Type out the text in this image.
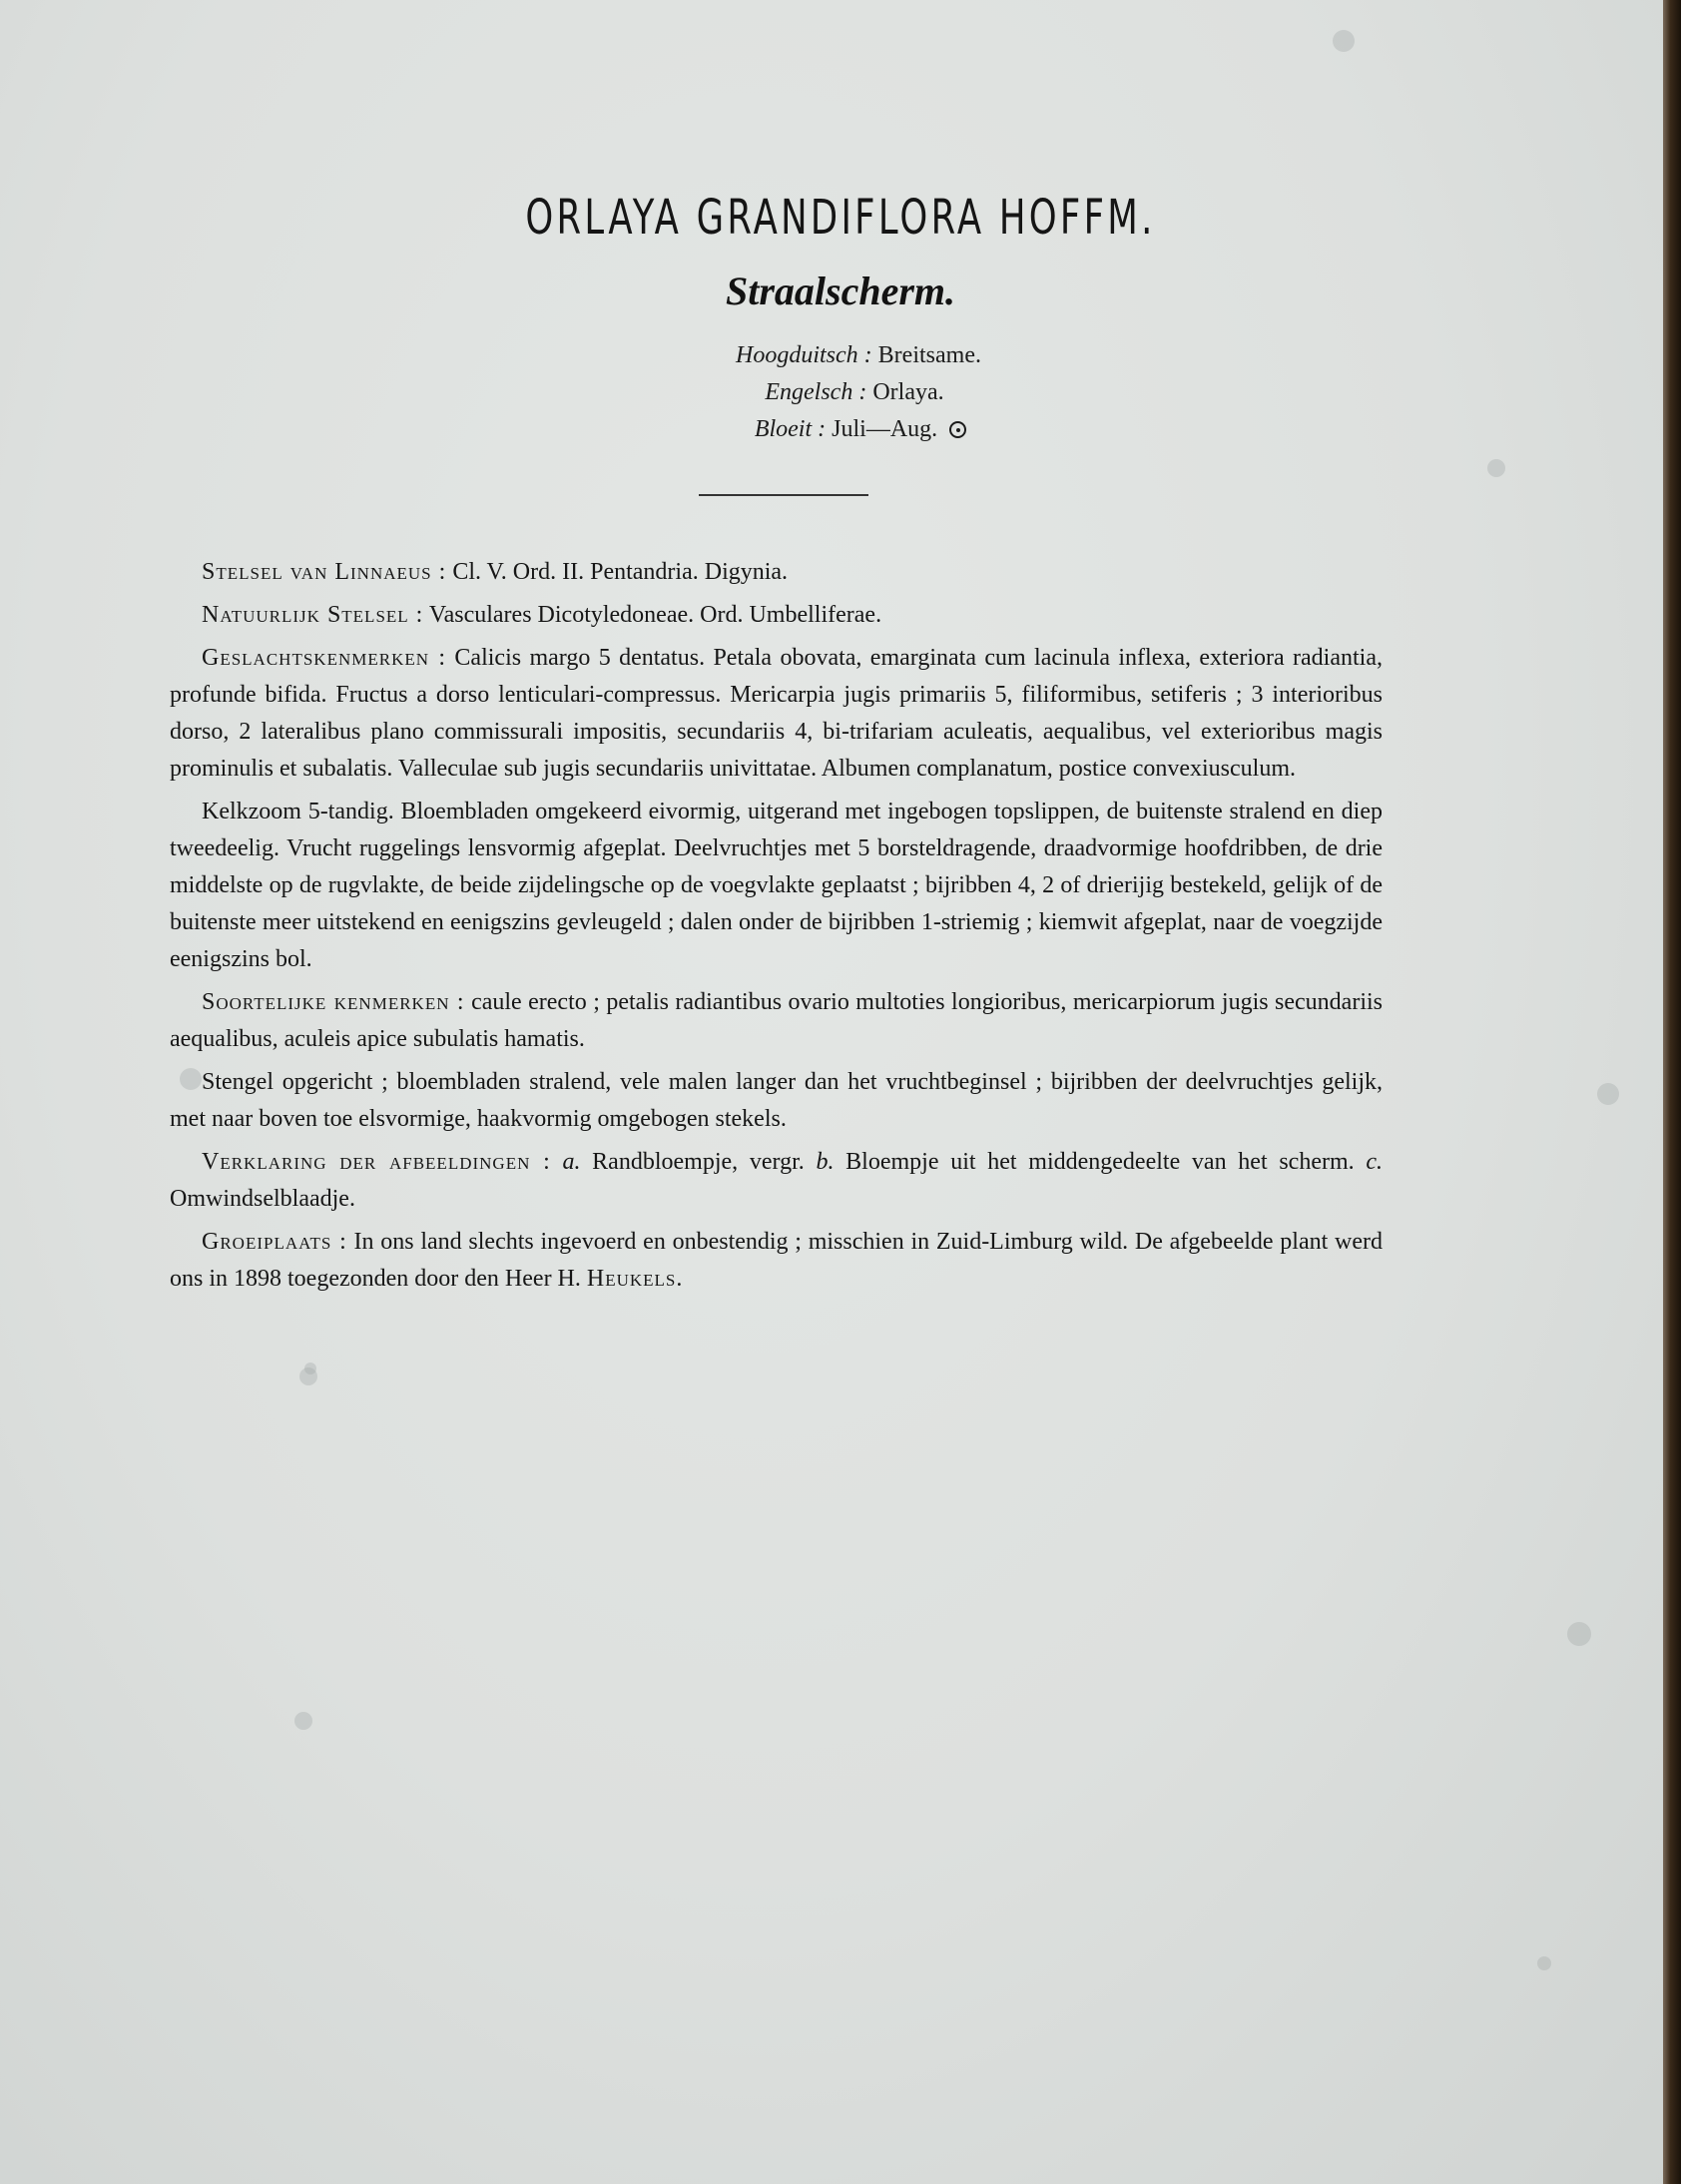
ORLAYA GRANDIFLORA HOFFM.
Straalscherm.
Hoogduitsch : Breitsame.
Engelsch : Orlaya.
Bloeit : Juli—Aug.

Stelsel van Linnaeus : Cl. V. Ord. II. Pentandria. Digynia.

Natuurlijk Stelsel : Vasculares Dicotyledoneae. Ord. Umbelliferae.

Geslachtskenmerken : Calicis margo 5 dentatus. Petala obovata, emarginata cum lacinula inflexa, exteriora radiantia, profunde bifida. Fructus a dorso lenticulari-compressus. Mericarpia jugis primariis 5, filiformibus, setiferis ; 3 interioribus dorso, 2 lateralibus plano commissurali impositis, secundariis 4, bi-trifariam aculeatis, aequalibus, vel exterioribus magis prominulis et subalatis. Valleculae sub jugis secundariis univittatae. Albumen complanatum, postice convexiusculum.

Kelkzoom 5-tandig. Bloembladen omgekeerd eivormig, uitgerand met ingebogen topslippen, de buitenste stralend en diep tweedeelig. Vrucht ruggelings lensvormig afgeplat. Deelvruchtjes met 5 borsteldragende, draadvormige hoofdribben, de drie middelste op de rugvlakte, de beide zijdelingsche op de voegvlakte geplaatst ; bijribben 4, 2 of drierijig bestekeld, gelijk of de buitenste meer uitstekend en eenigszins gevleugeld ; dalen onder de bijribben 1-striemig ; kiemwit afgeplat, naar de voegzijde eenigszins bol.

Soortelijke kenmerken : caule erecto ; petalis radiantibus ovario multoties longioribus, mericarpiorum jugis secundariis aequalibus, aculeis apice subulatis hamatis.

Stengel opgericht ; bloembladen stralend, vele malen langer dan het vruchtbeginsel ; bijribben der deelvruchtjes gelijk, met naar boven toe elsvormige, haakvormig omgebogen stekels.

Verklaring der afbeeldingen : a. Randbloempje, vergr. b. Bloempje uit het middengedeelte van het scherm. c. Omwindselblaadje.

Groeiplaats : In ons land slechts ingevoerd en onbestendig ; misschien in Zuid-Limburg wild. De afgebeelde plant werd ons in 1898 toegezonden door den Heer H. Heukels.
